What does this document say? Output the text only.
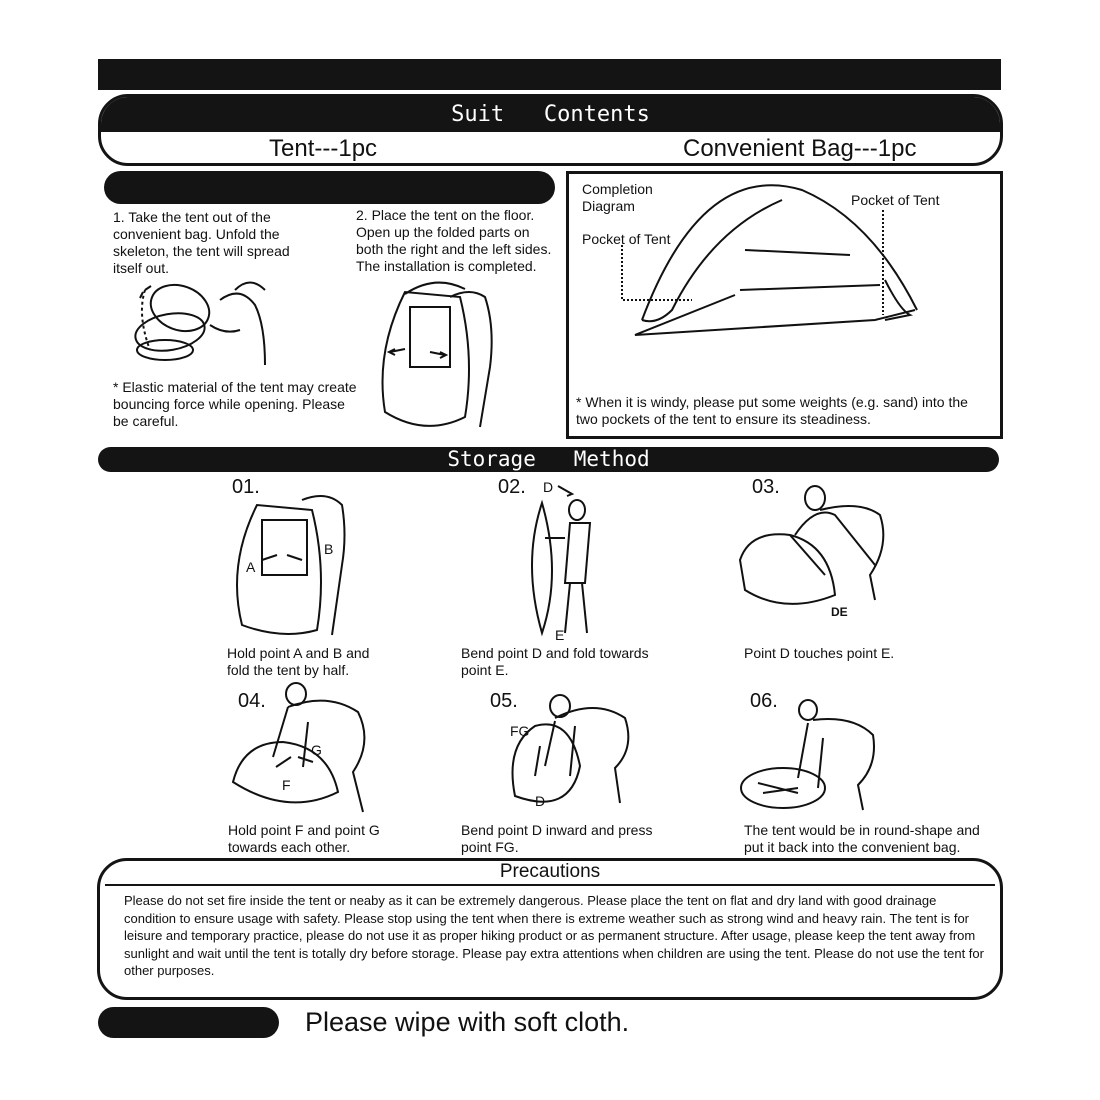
Suit   Contents
Tent---1pc	Convenient Bag---1pc
1. Take the tent out of the convenient bag. Unfold the skeleton, the tent will spread itself out.
2. Place the tent on the floor. Open up the folded parts on both the right and the left sides. The installation is completed.
* Elastic material of the tent may create bouncing force while opening. Please be careful.
Completion Diagram
Pocket of Tent
Pocket of Tent
* When it is windy, please put some weights (e.g. sand) into the two pockets of the tent to ensure its steadiness.
Storage   Method
01.
A
B
Hold point A and B and fold the tent by half.
02. D
E
Bend point D and fold towards point E.
03.
DE
Point D touches point E.
04.
F
G
Hold point F and point G towards each other.
05.
FG
D
Bend point D inward and press point FG.
06.
The tent would be in round-shape and put it back into the convenient bag.
Precautions
Please do not set fire inside the tent or neaby as it can be extremely dangerous. Please place the tent on flat and dry land with good drainage condition to ensure usage with safety. Please stop using the tent when there is extreme weather such as strong wind and heavy rain. The tent is for leisure and temporary practice, please do not use it as proper hiking product or as permanent structure. After usage, please keep the tent away from sunlight and wait until the tent is totally dry before storage. Please pay extra attentions when children are using the tent. Please do not use the tent for other purposes.
Please wipe with soft cloth.
